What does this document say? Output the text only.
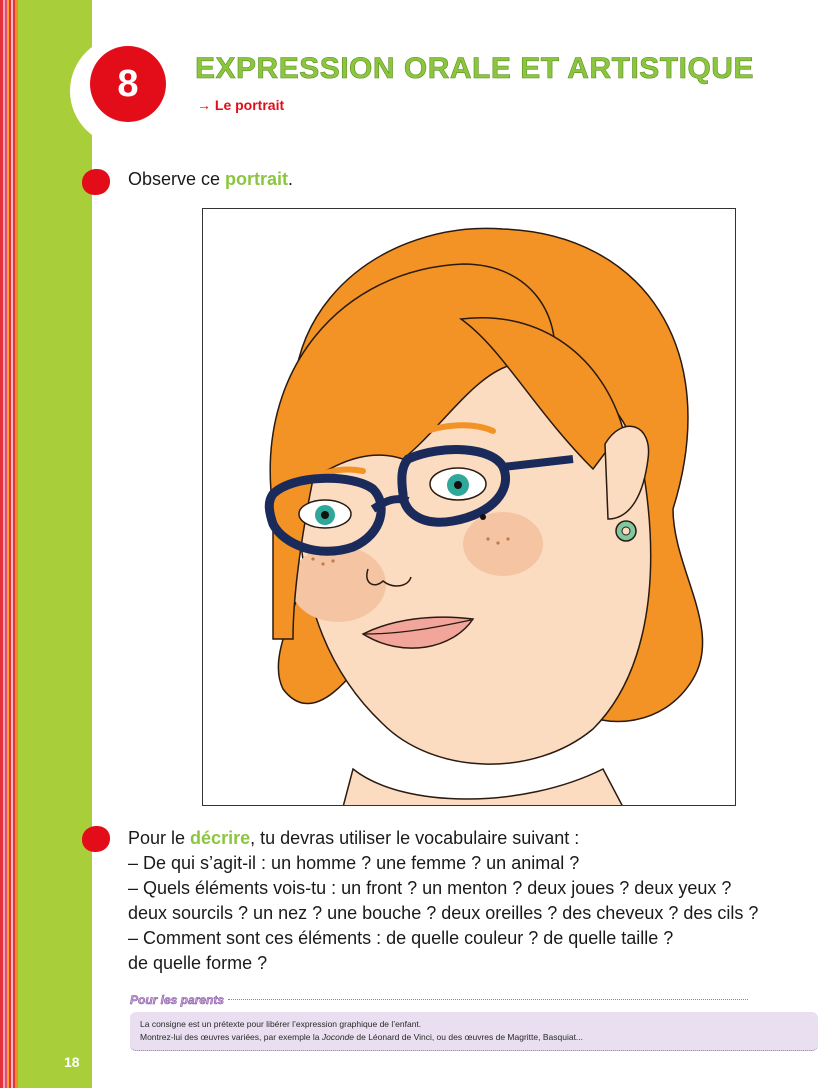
18
8	EXPRESSION ORALE ET ARTISTIQUE
→ Le portrait
Observe ce portrait.

Pour le décrire, tu devras utiliser le vocabulaire suivant :

– De qui s’agit-il : un homme ? une femme ? un animal ?

– Quels éléments vois-tu : un front ? un menton ? deux joues ? deux yeux ?

deux sourcils ? un nez ? une bouche ? deux oreilles ? des cheveux ? des cils ?

– Comment sont ces éléments : de quelle couleur ? de quelle taille ?

de quelle forme ?

Pour les parents

La consigne est un prétexte pour libérer l’expression graphique de l’enfant.

Montrez-lui des œuvres variées, par exemple la Joconde de Léonard de Vinci, ou des œuvres de Magritte, Basquiat...
